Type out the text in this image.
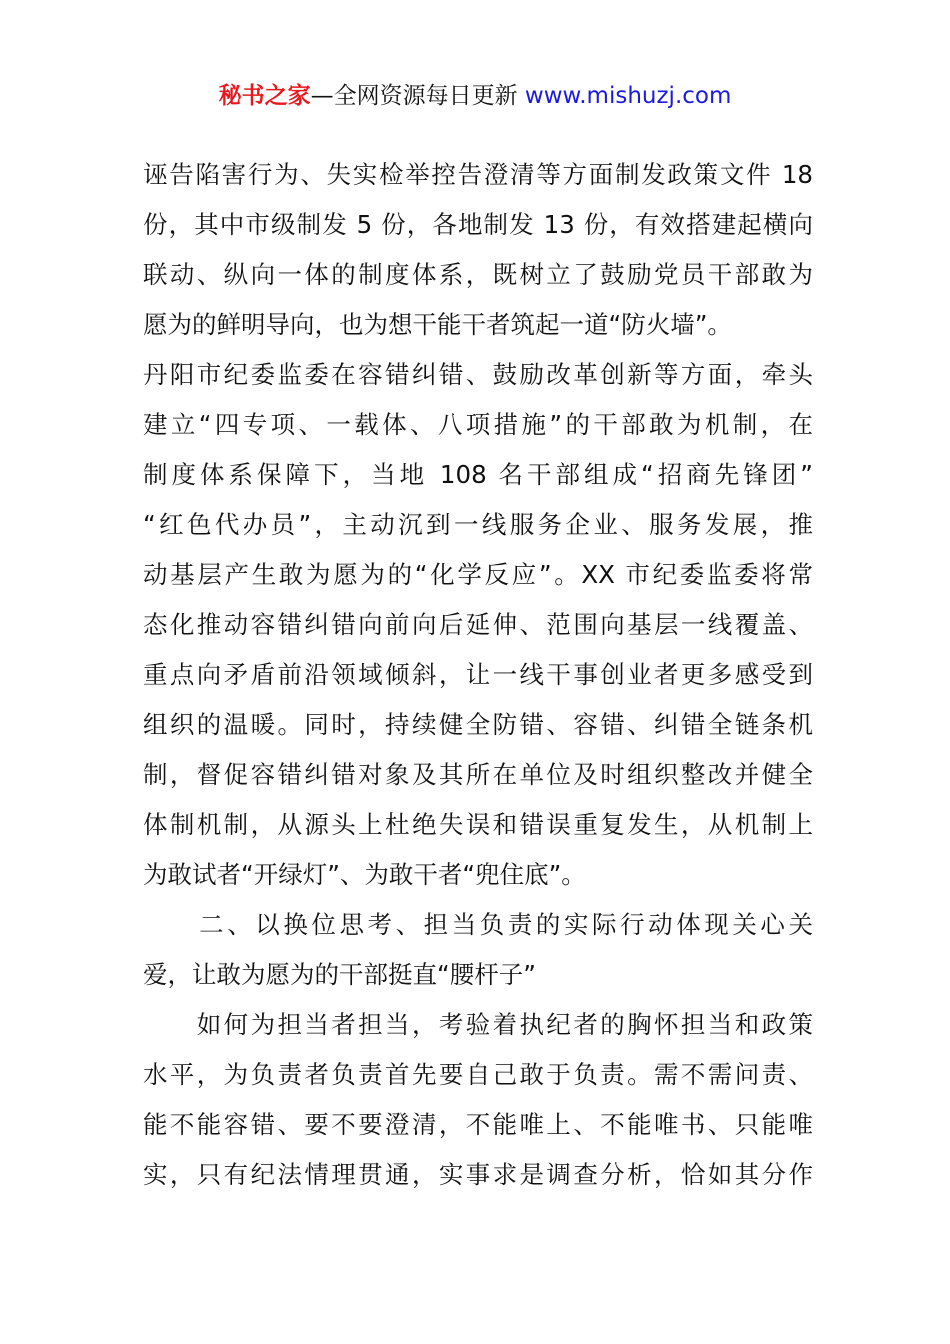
秘书之家—全网资源每日更新 www.mishuzj.com
诬告陷害行为、失实检举控告澄清等方面制发政策文件 18
份，其中市级制发 5 份，各地制发 13 份，有效搭建起横向
联动、纵向一体的制度体系，既树立了鼓励党员干部敢为
愿为的鲜明导向，也为想干能干者筑起一道“防火墙”。
丹阳市纪委监委在容错纠错、鼓励改革创新等方面，牵头
建立“四专项、一载体、八项措施”的干部敢为机制，在
制度体系保障下，当地 108 名干部组成“招商先锋团”
“红色代办员”，主动沉到一线服务企业、服务发展，推
动基层产生敢为愿为的“化学反应”。XX 市纪委监委将常
态化推动容错纠错向前向后延伸、范围向基层一线覆盖、
重点向矛盾前沿领域倾斜，让一线干事创业者更多感受到
组织的温暖。同时，持续健全防错、容错、纠错全链条机
制，督促容错纠错对象及其所在单位及时组织整改并健全
体制机制，从源头上杜绝失误和错误重复发生，从机制上
为敢试者“开绿灯”、为敢干者“兜住底”。
　　二、以换位思考、担当负责的实际行动体现关心关
爱，让敢为愿为的干部挺直“腰杆子”
　　如何为担当者担当，考验着执纪者的胸怀担当和政策
水平，为负责者负责首先要自己敢于负责。需不需问责、
能不能容错、要不要澄清，不能唯上、不能唯书、只能唯
实，只有纪法情理贯通，实事求是调查分析，恰如其分作
